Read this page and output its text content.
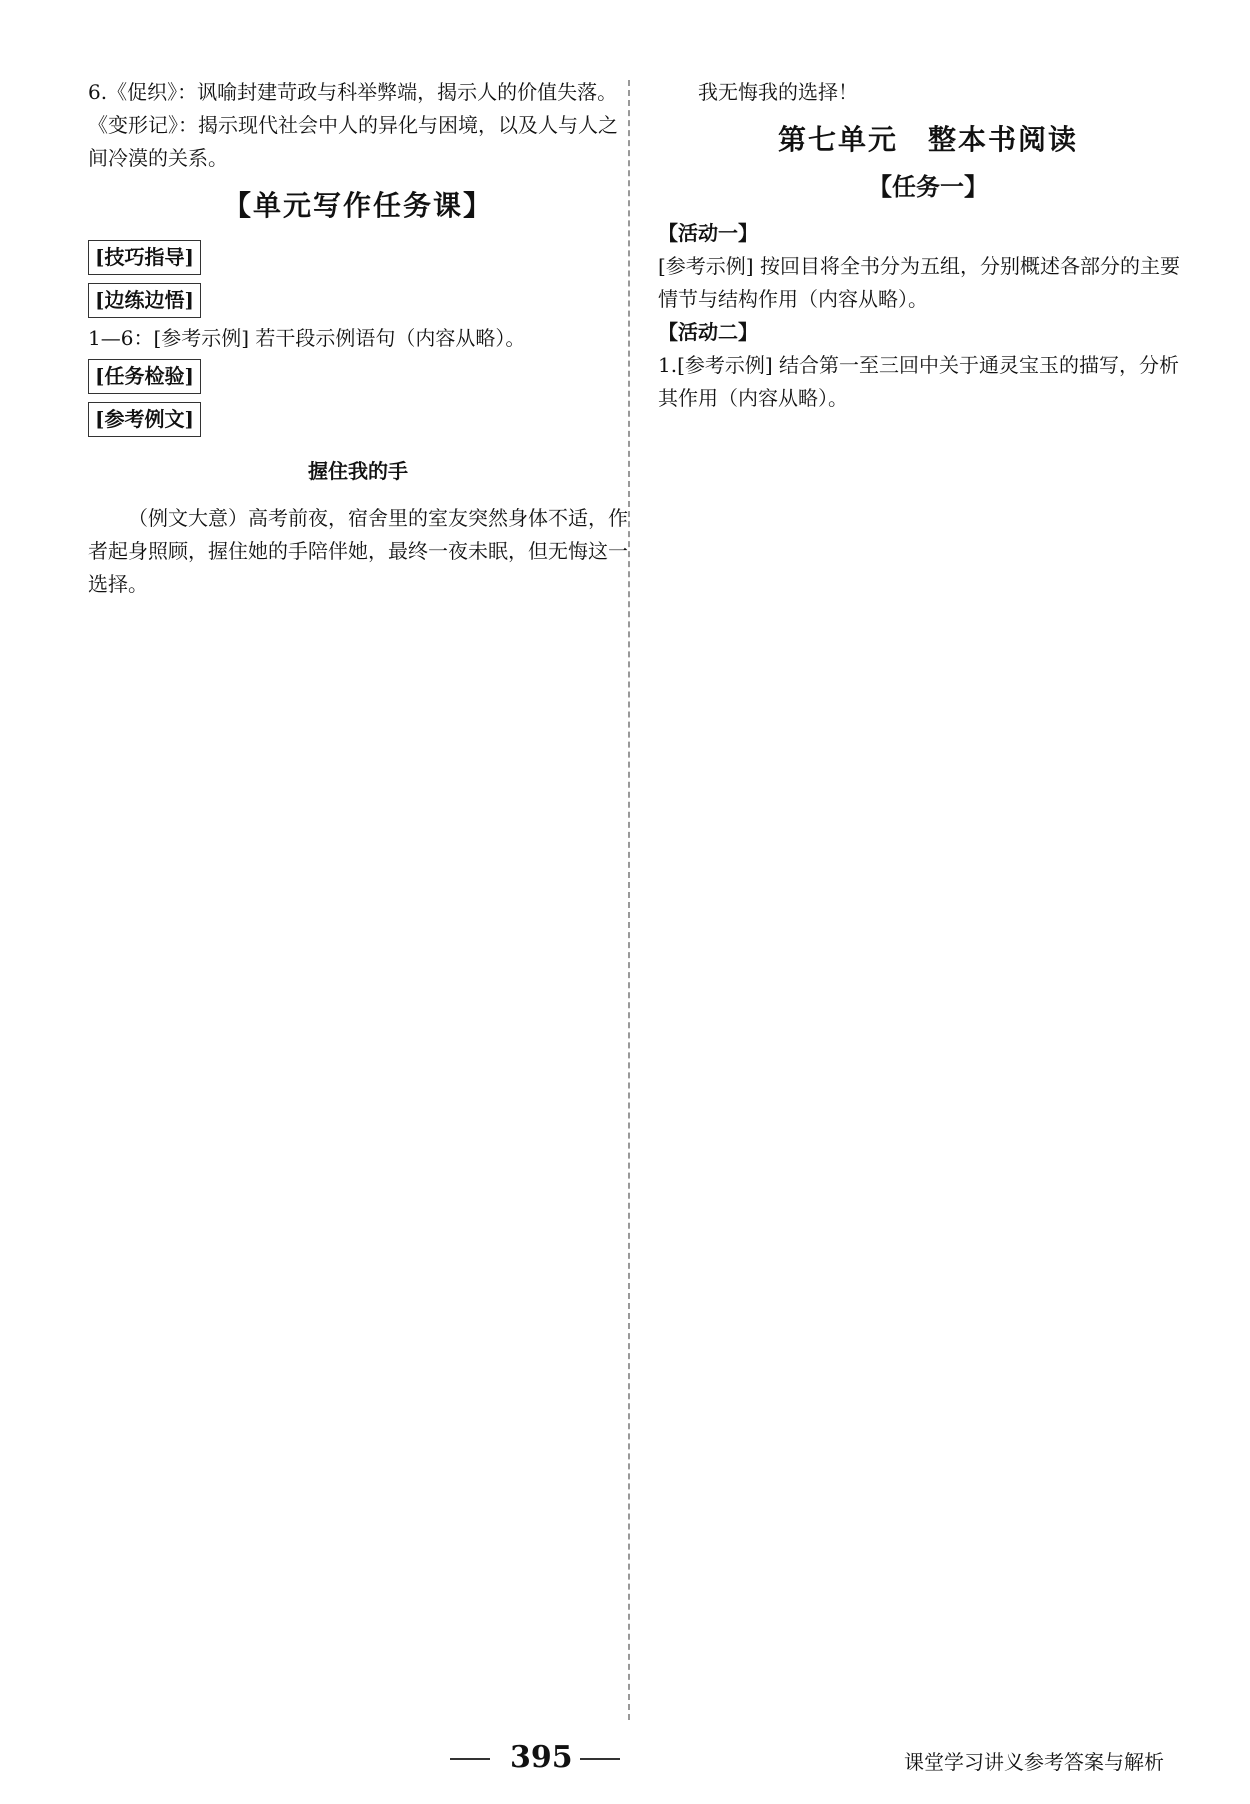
6.《促织》：讽喻封建苛政与科举弊端，揭示人的价值失落。《变形记》：揭示现代社会中人的异化与困境，以及人与人之间冷漠的关系。

【单元写作任务课】

[技巧指导]

[边练边悟]

1—6：[参考示例] 若干段示例语句（内容从略）。

[任务检验]

[参考例文]

握住我的手

（例文大意）高考前夜，宿舍里的室友突然身体不适，作者起身照顾，握住她的手陪伴她，最终一夜未眠，但无悔这一选择。

我无悔我的选择！

第七单元　整本书阅读

【任务一】

【活动一】

[参考示例] 按回目将全书分为五组，分别概述各部分的主要情节与结构作用（内容从略）。

【活动二】

1.[参考示例] 结合第一至三回中关于通灵宝玉的描写，分析其作用（内容从略）。

395	课堂学习讲义参考答案与解析
